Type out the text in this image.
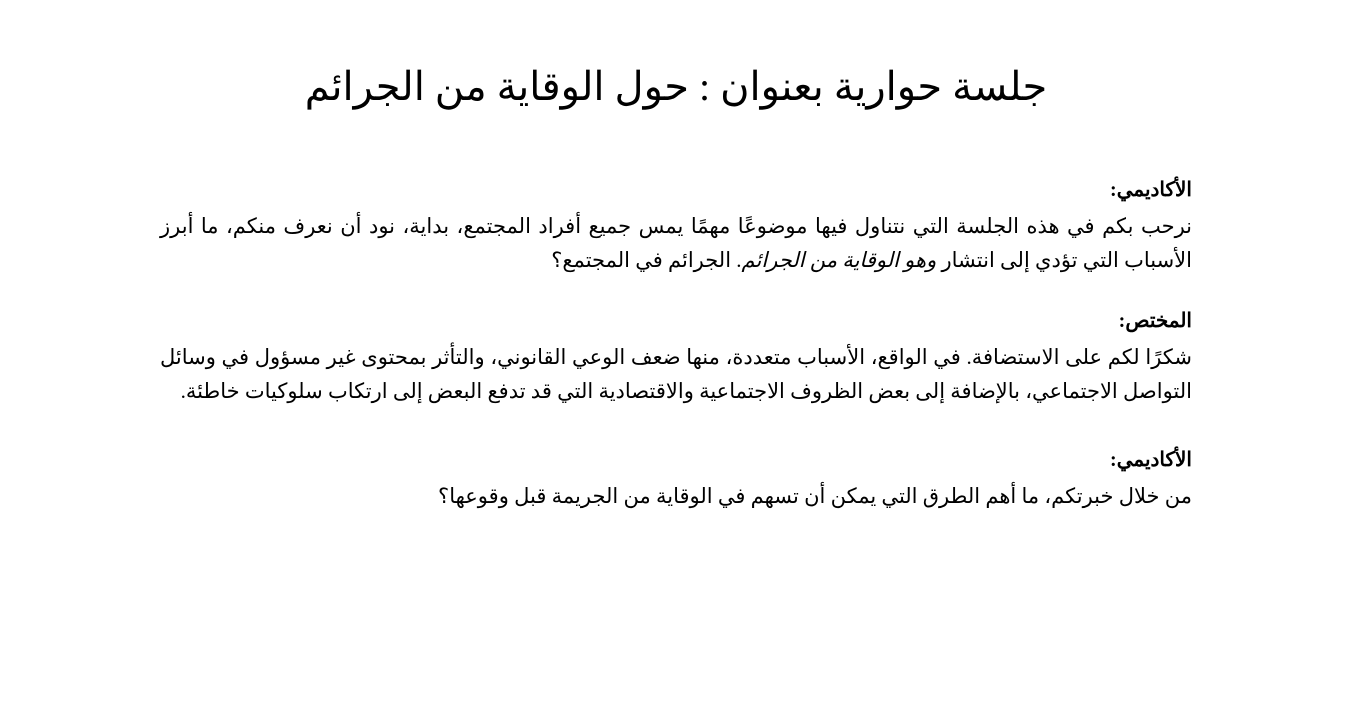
جلسة حوارية بعنوان : حول الوقاية من الجرائم

الأكاديمي:

نرحب بكم في هذه الجلسة التي نتناول فيها موضوعًا مهمًا يمس جميع أفراد المجتمع، بداية، نود أن نعرف منكم، ما أبرز الأسباب التي تؤدي إلى انتشار وهو الوقاية من الجرائم. الجرائم في المجتمع؟

المختص:

شكرًا لكم على الاستضافة. في الواقع، الأسباب متعددة، منها ضعف الوعي القانوني، والتأثر بمحتوى غير مسؤول في وسائل التواصل الاجتماعي، بالإضافة إلى بعض الظروف الاجتماعية والاقتصادية التي قد تدفع البعض إلى ارتكاب سلوكيات خاطئة.

الأكاديمي:

من خلال خبرتكم، ما أهم الطرق التي يمكن أن تسهم في الوقاية من الجريمة قبل وقوعها؟
